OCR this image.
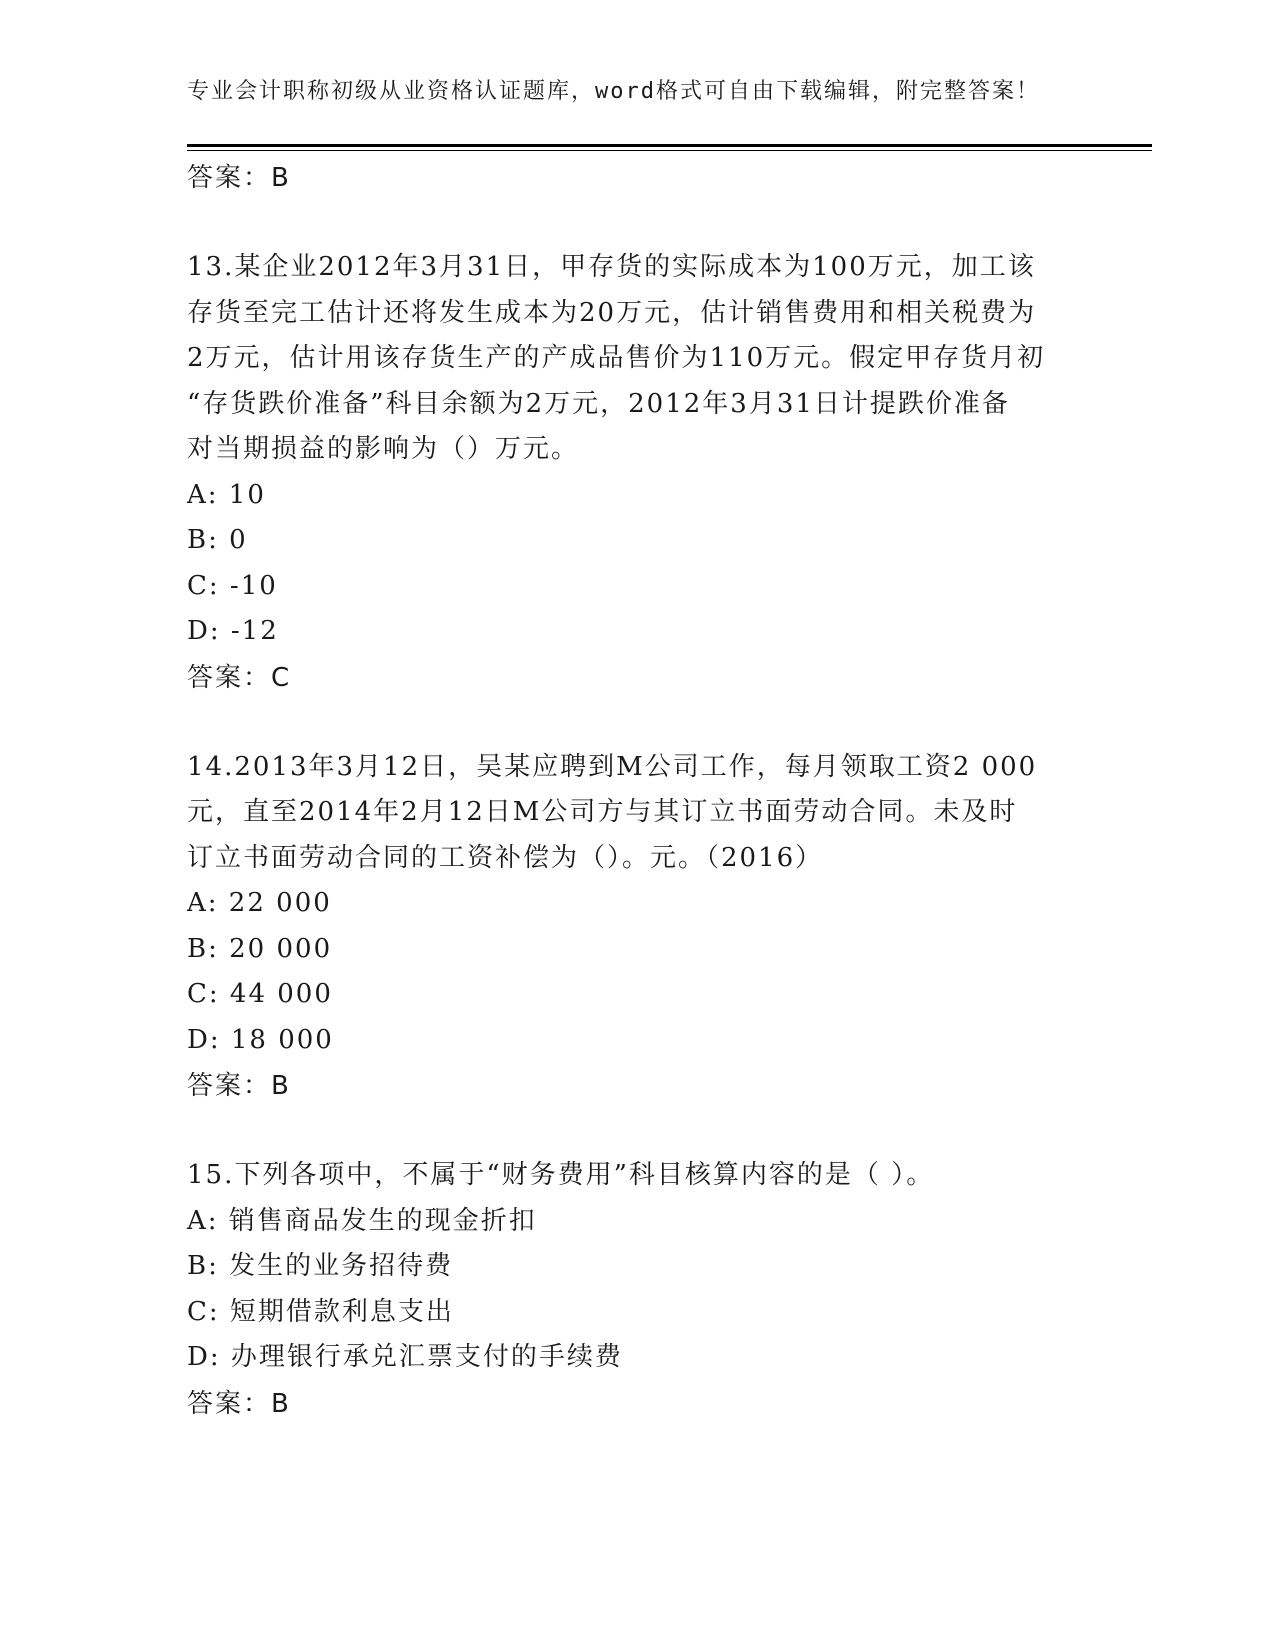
专业会计职称初级从业资格认证题库，word格式可自由下载编辑，附完整答案！
答案：B
13.某企业2012年3月31日，甲存货的实际成本为100万元，加工该
存货至完工估计还将发生成本为20万元，估计销售费用和相关税费为
2万元，估计用该存货生产的产成品售价为110万元。假定甲存货月初
“存货跌价准备”科目余额为2万元，2012年3月31日计提跌价准备
对当期损益的影响为（）万元。
A: 10
B: 0
C: -10
D: -12
答案：C
14.2013年3月12日，吴某应聘到M公司工作，每月领取工资2 000
元，直至2014年2月12日M公司方与其订立书面劳动合同。未及时
订立书面劳动合同的工资补偿为（）。元。（2016）
A: 22 000
B: 20 000
C: 44 000
D: 18 000
答案：B
15.下列各项中，不属于“财务费用”科目核算内容的是（ ）。
A: 销售商品发生的现金折扣
B: 发生的业务招待费
C: 短期借款利息支出
D: 办理银行承兑汇票支付的手续费
答案：B
